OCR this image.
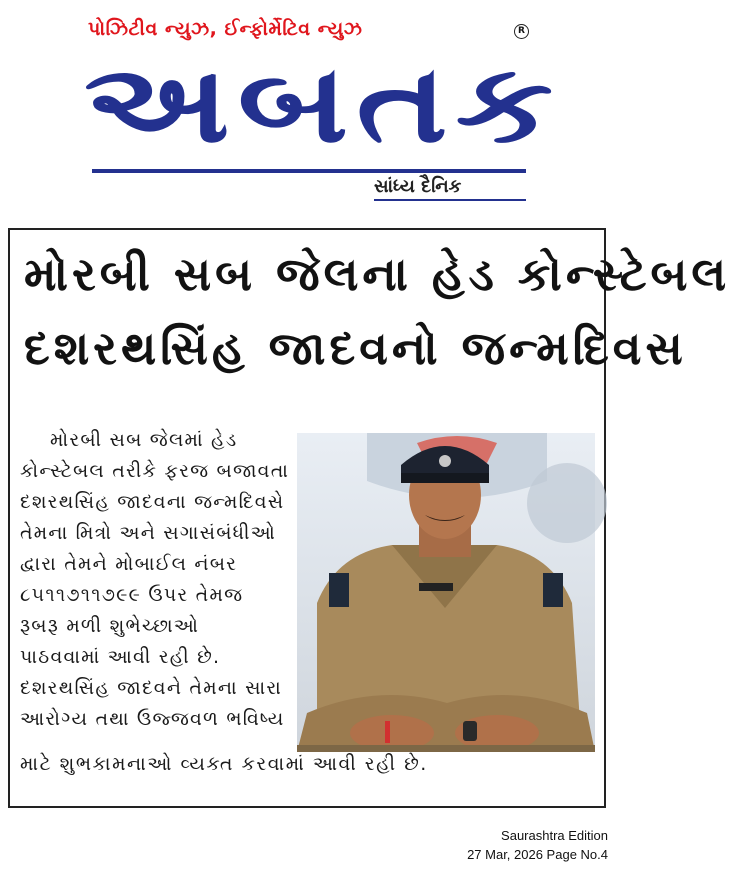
પોઝિટીવ ન્યુઝ, ઈન્ફોર્મેટિવ ન્યુઝ	R
અબતક
સાંધ્ય દૈનિક
મોરબી સબ જેલના હેડ કોન્સ્ટેબલ
દશરથસિંહ જાદવનો જન્મદિવસ
મોરબી સબ જેલમાં હેડ
કોન્સ્ટેબલ તરીકે ફરજ બજાવતા
દશરથસિંહ જાદવના જન્મદિવસે
તેમના મિત્રો અને સગાસંબંધીઓ
દ્વારા તેમને મોબાઈલ નંબર
૮૫૧૧૭૧૧૭૯૯ ઉપર તેમજ
રૂબરૂ મળી શુભેચ્છાઓ
પાઠવવામાં આવી રહી છે.
દશરથસિંહ જાદવને તેમના સારા
આરોગ્ય તથા ઉજ્જવળ ભવિષ્ય
માટે શુભકામનાઓ વ્યક્ત કરવામાં આવી રહી છે.
Saurashtra Edition
27 Mar, 2026 Page No.4
